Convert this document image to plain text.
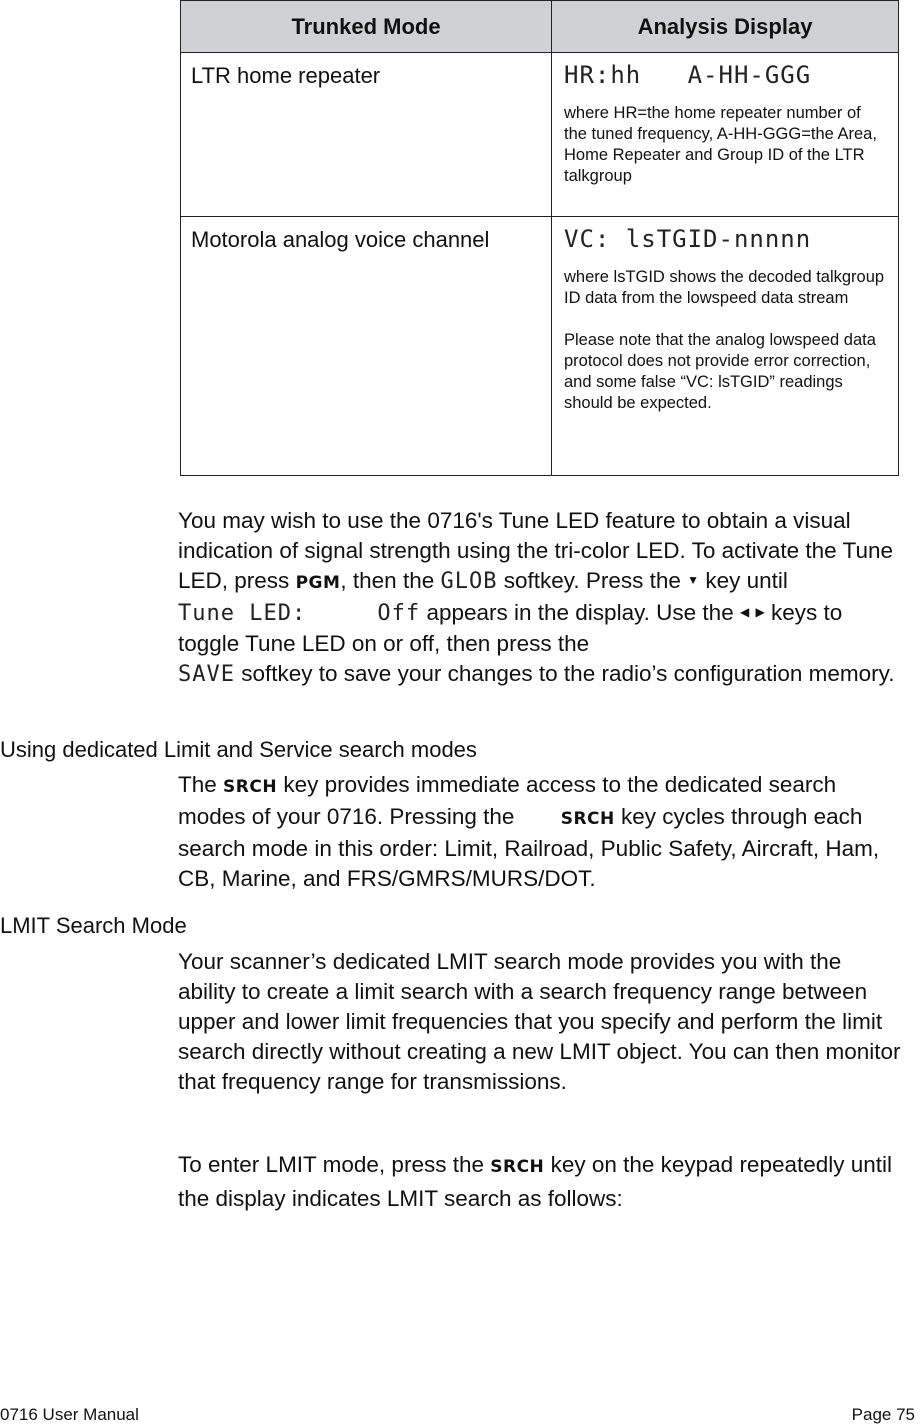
Trunked Mode	Analysis Display
LTR home repeater	HR:hh   A-HH-GGG
where HR=the home repeater number of the tuned frequency, A-HH-GGG=the Area, Home Repeater and Group ID of the LTR talkgroup

Motorola analog voice channel	VC: lsTGID-nnnnn
where lsTGID shows the decoded talkgroup ID data from the lowspeed data stream
Please note that the analog lowspeed data protocol does not provide error correction, and some false “VC: lsTGID” readings should be expected.
You may wish to use the 0716's Tune LED feature to obtain a visual indication of signal strength using the tri-color LED. To activate the Tune LED, press PGM, then the GLOB softkey. Press the ▼ key until Tune LED:     Off appears in the display. Use the ◀ ▶ keys to toggle Tune LED on or off, then press the
SAVE softkey to save your changes to the radio’s configuration memory.
Using dedicated Limit and Service search modes
The SRCH key provides immediate access to the dedicated search modes of your 0716. Pressing the	SRCH key cycles through each search mode in this order: Limit, Railroad, Public Safety, Aircraft, Ham, CB, Marine, and FRS/GMRS/MURS/DOT.
LMIT Search Mode
Your scanner’s dedicated LMIT search mode provides you with the ability to create a limit search with a search frequency range between upper and lower limit frequencies that you specify and perform the limit search directly without creating a new LMIT object. You can then monitor that frequency range for transmissions.
To enter LMIT mode, press the SRCH key on the keypad repeatedly until the display indicates LMIT search as follows:
0716 User Manual	Page 75
